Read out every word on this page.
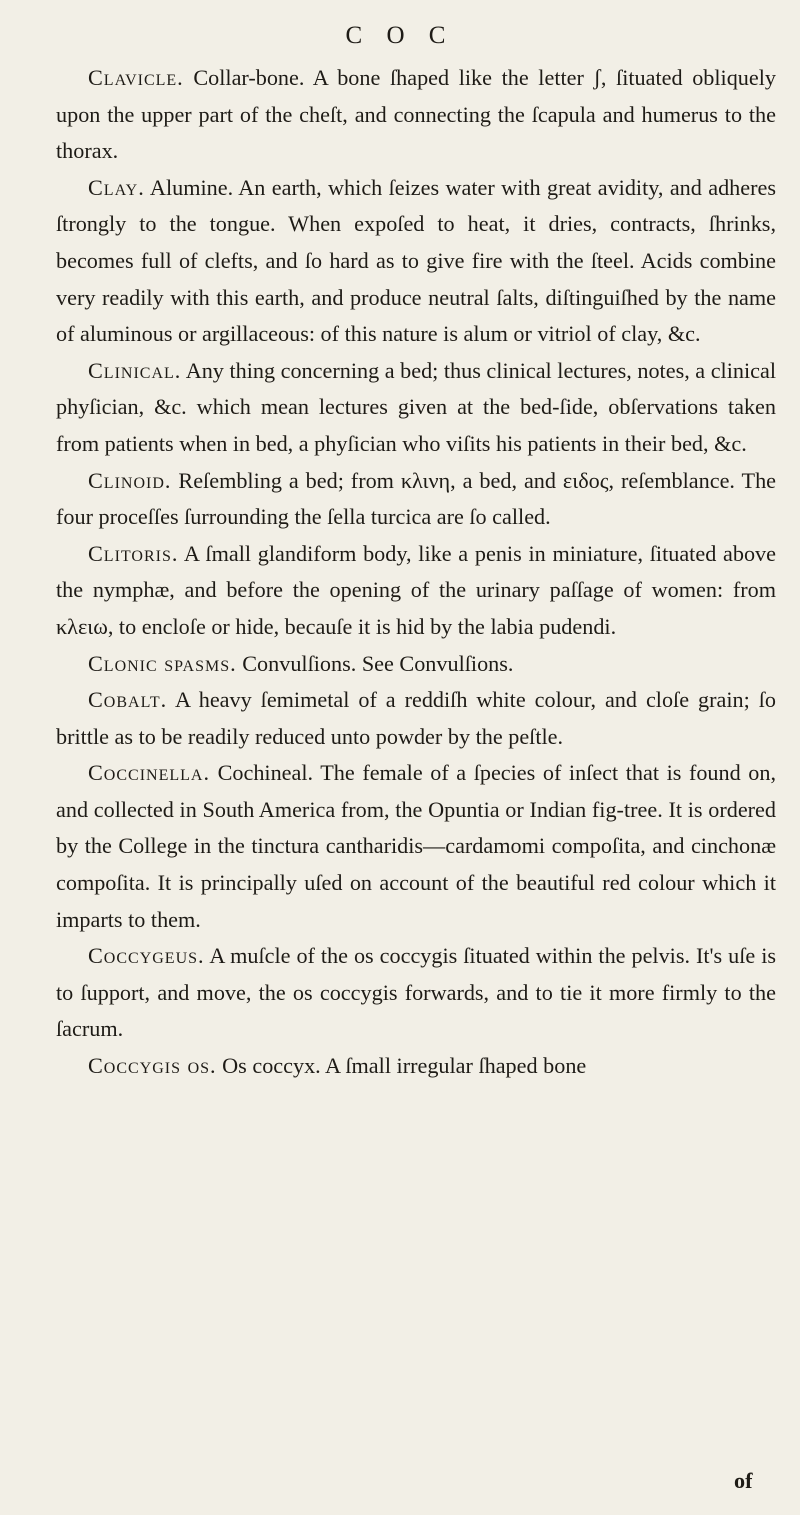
C O C

Clavicle. Collar-bone. A bone ſhaped like the letter ʃ, ſituated obliquely upon the upper part of the cheſt, and connecting the ſcapula and humerus to the thorax.

Clay. Alumine. An earth, which ſeizes water with great avidity, and adheres ſtrongly to the tongue. When expoſed to heat, it dries, contracts, ſhrinks, becomes full of clefts, and ſo hard as to give fire with the ſteel. Acids combine very readily with this earth, and produce neutral ſalts, diſtinguiſhed by the name of aluminous or argillaceous: of this nature is alum or vitriol of clay, &c.

Clinical. Any thing concerning a bed; thus clinical lectures, notes, a clinical phyſician, &c. which mean lectures given at the bed-ſide, obſervations taken from patients when in bed, a phyſician who viſits his patients in their bed, &c.

Clinoid. Reſembling a bed; from κλινη, a bed, and ειδος, reſemblance. The four proceſſes ſurrounding the ſella turcica are ſo called.

Clitoris. A ſmall glandiform body, like a penis in miniature, ſituated above the nymphæ, and before the opening of the urinary paſſage of women: from κλειω, to encloſe or hide, becauſe it is hid by the labia pudendi.

Clonic spasms. Convulſions. See Convulſions.

Cobalt. A heavy ſemimetal of a reddiſh white colour, and cloſe grain; ſo brittle as to be readily reduced unto powder by the peſtle.

Coccinella. Cochineal. The female of a ſpecies of inſect that is found on, and collected in South America from, the Opuntia or Indian fig-tree. It is ordered by the College in the tinctura cantharidis—cardamomi compoſita, and cinchonæ compoſita. It is principally uſed on account of the beautiful red colour which it imparts to them.

Coccygeus. A muſcle of the os coccygis ſituated within the pelvis. It's uſe is to ſupport, and move, the os coccygis forwards, and to tie it more firmly to the ſacrum.

Coccygis os. Os coccyx. A ſmall irregular ſhaped bone

of
